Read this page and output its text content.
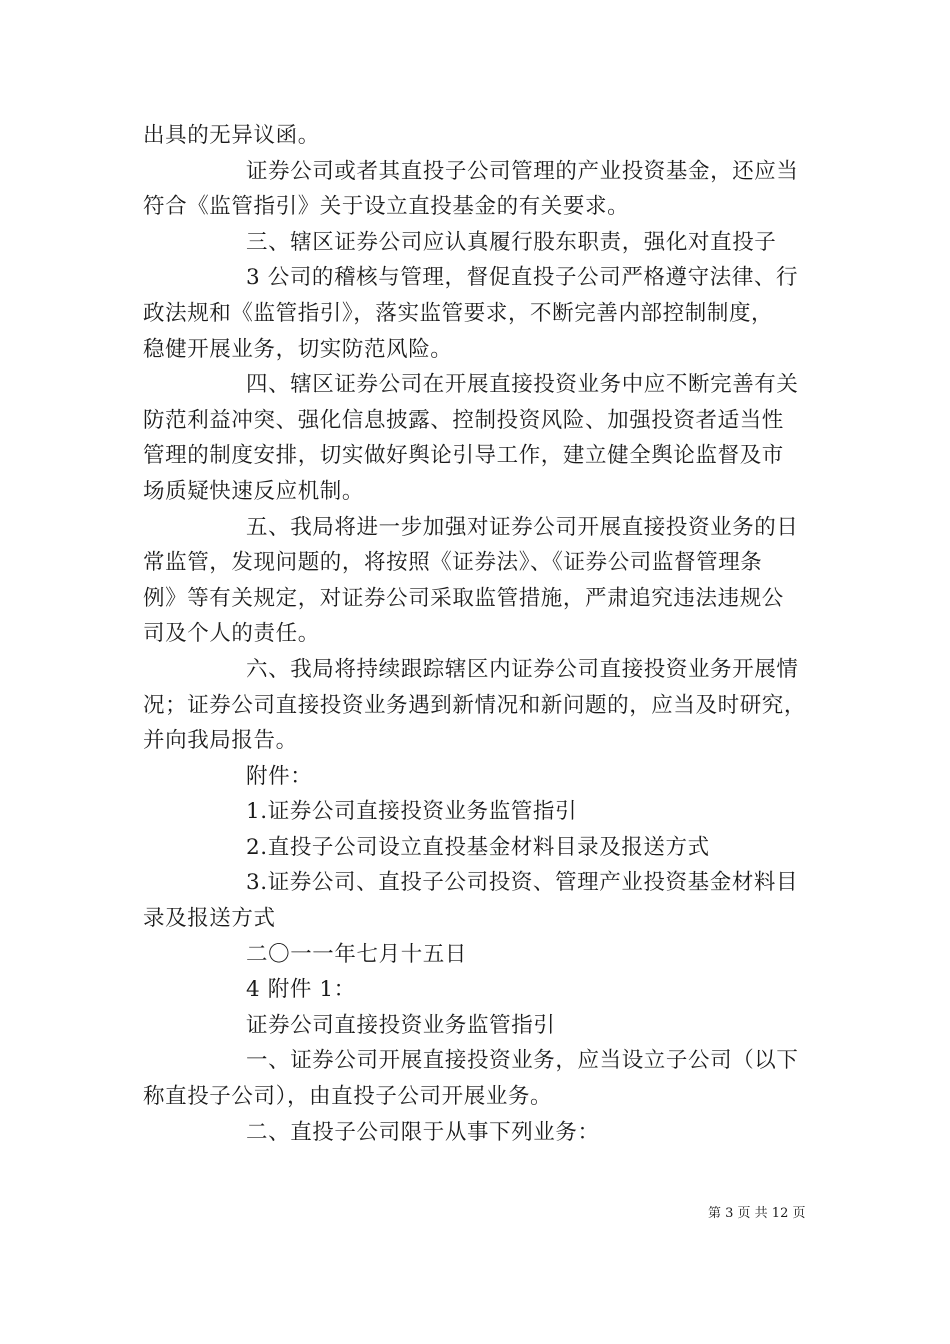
出具的无异议函。

证券公司或者其直投子公司管理的产业投资基金，还应当

符合《监管指引》关于设立直投基金的有关要求。

三、辖区证券公司应认真履行股东职责，强化对直投子

3 公司的稽核与管理，督促直投子公司严格遵守法律、行

政法规和《监管指引》，落实监管要求，不断完善内部控制制度，

稳健开展业务，切实防范风险。

四、辖区证券公司在开展直接投资业务中应不断完善有关

防范利益冲突、强化信息披露、控制投资风险、加强投资者适当性

管理的制度安排，切实做好舆论引导工作，建立健全舆论监督及市

场质疑快速反应机制。

五、我局将进一步加强对证券公司开展直接投资业务的日

常监管，发现问题的，将按照《证券法》、《证券公司监督管理条

例》等有关规定，对证券公司采取监管措施，严肃追究违法违规公

司及个人的责任。

六、我局将持续跟踪辖区内证券公司直接投资业务开展情

况；证券公司直接投资业务遇到新情况和新问题的，应当及时研究，

并向我局报告。

附件：

1.证券公司直接投资业务监管指引

2.直投子公司设立直投基金材料目录及报送方式

3.证券公司、直投子公司投资、管理产业投资基金材料目

录及报送方式

二〇一一年七月十五日

4 附件 1：

证券公司直接投资业务监管指引

一、证券公司开展直接投资业务，应当设立子公司（以下

称直投子公司），由直投子公司开展业务。

二、直投子公司限于从事下列业务：

第 3 页 共 12 页
